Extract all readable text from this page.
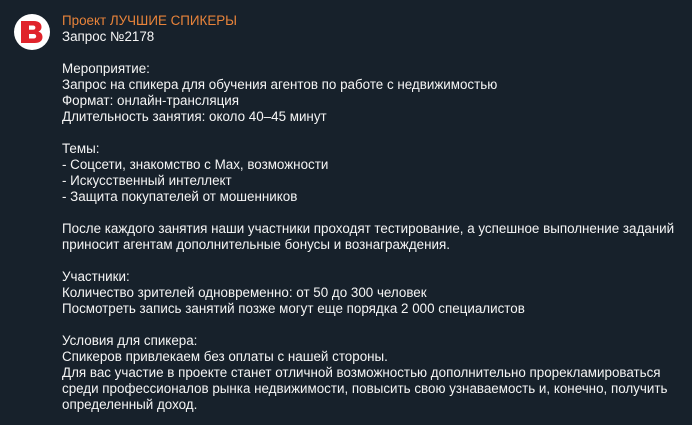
Проект ЛУЧШИЕ СПИКЕРЫ
Запрос №2178
Мероприятие:
Запрос на спикера для обучения агентов по работе с недвижимостью
Формат: онлайн-трансляция
Длительность занятия: около 40–45 минут
Темы:
- Соцсети, знакомство с Max, возможности
- Искусственный интеллект
- Защита покупателей от мошенников
После каждого занятия наши участники проходят тестирование, а успешное выполнение заданий
приносит агентам дополнительные бонусы и вознаграждения.
Участники:
Количество зрителей одновременно: от 50 до 300 человек
Посмотреть запись занятий позже могут еще порядка 2 000 специалистов
Условия для спикера:
Спикеров привлекаем без оплаты с нашей стороны.
Для вас участие в проекте станет отличной возможностью дополнительно прорекламироваться
среди профессионалов рынка недвижимости, повысить свою узнаваемость и, конечно, получить
определенный доход.
